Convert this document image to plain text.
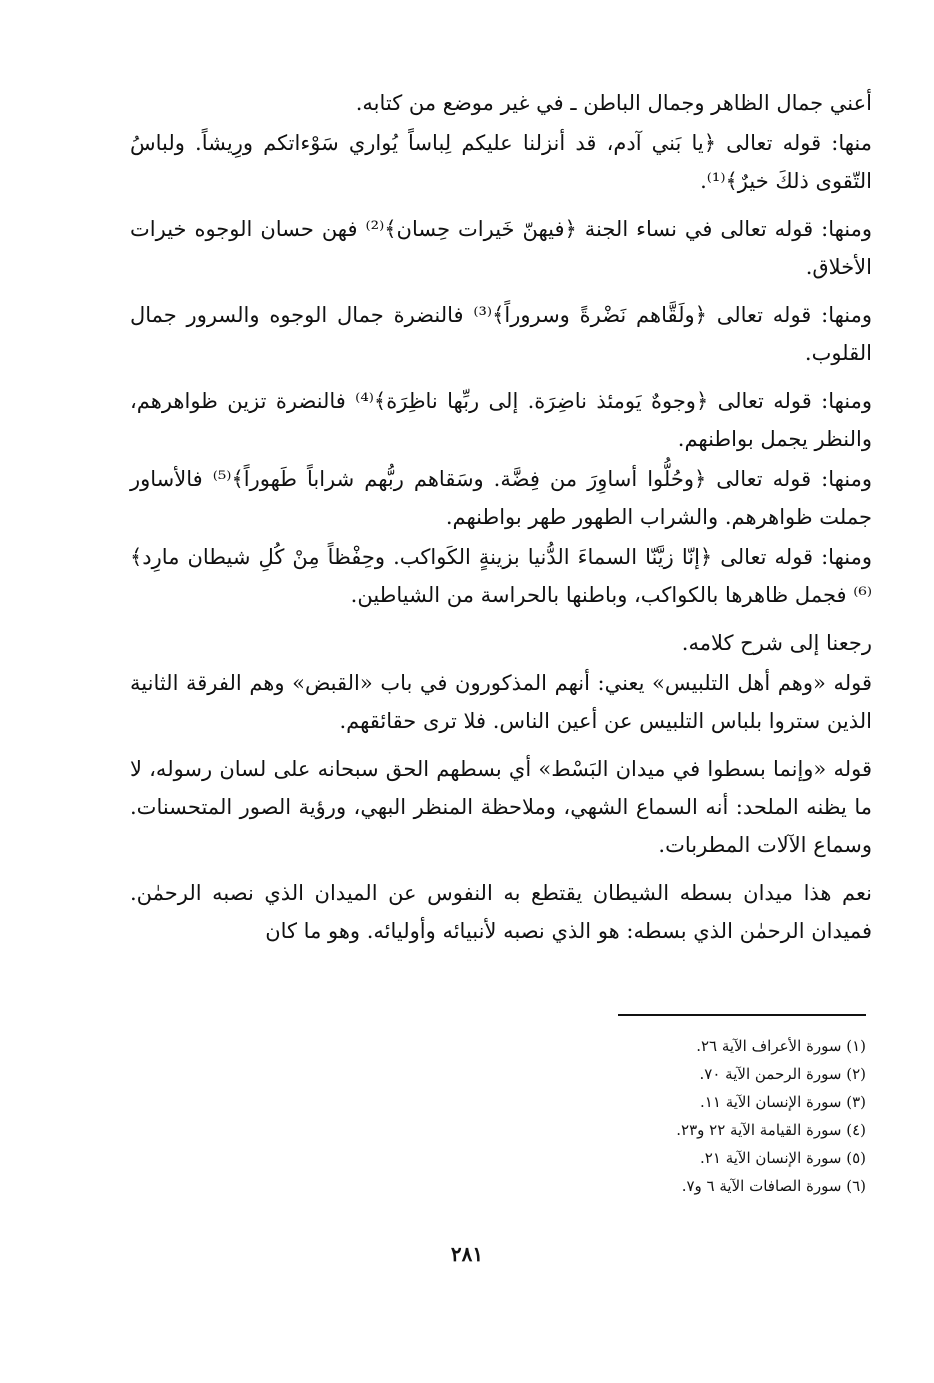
أعني جمال الظاهر وجمال الباطن ـ في غير موضع من كتابه.

منها: قوله تعالى ﴿يا بَني آدم، قد أنزلنا عليكم لِباساً يُواري سَوْءاتكم ورِيشاً. ولباسُ التّقوى ذلكَ خيرٌ﴾⁽¹⁾.

ومنها: قوله تعالى في نساء الجنة ﴿فيهنّ خَيرات حِسان﴾⁽²⁾ فهن حسان الوجوه خيرات الأخلاق.

ومنها: قوله تعالى ﴿ولَقَّاهم نَضْرةً وسروراً﴾⁽³⁾ فالنضرة جمال الوجوه والسرور جمال القلوب.

ومنها: قوله تعالى ﴿وجوهٌ يَومئذ ناضِرَة. إلى ربِّها ناظِرَة﴾⁽⁴⁾ فالنضرة تزين ظواهرهم، والنظر يجمل بواطنهم.

ومنها: قوله تعالى ﴿وحُلُّوا أساوِرَ من فِضَّة. وسَقاهم ربُّهم شراباً طَهوراً﴾⁽⁵⁾ فالأساور جملت ظواهرهم. والشراب الطهور طهر بواطنهم.

ومنها: قوله تعالى ﴿إنّا زيَّنّا السماءَ الدُّنيا بزينةٍ الكَواكب. وحِفْظاً مِنْ كُلِ شيطان مارِد﴾⁽⁶⁾ فجمل ظاهرها بالكواكب، وباطنها بالحراسة من الشياطين.

رجعنا إلى شرح كلامه.

قوله «وهم أهل التلبيس» يعني: أنهم المذكورون في باب «القبض» وهم الفرقة الثانية الذين ستروا بلباس التلبيس عن أعين الناس. فلا ترى حقائقهم.

قوله «وإنما بسطوا في ميدان البَسْط» أي بسطهم الحق سبحانه على لسان رسوله، لا ما يظنه الملحد: أنه السماع الشهي، وملاحظة المنظر البهي، ورؤية الصور المتحسنات. وسماع الآلات المطربات.

نعم هذا ميدان بسطه الشيطان يقتطع به النفوس عن الميدان الذي نصبه الرحمٰن. فميدان الرحمٰن الذي بسطه: هو الذي نصبه لأنبيائه وأوليائه. وهو ما كان

(١) سورة الأعراف الآية ٢٦.
(٢) سورة الرحمن الآية ٧٠.
(٣) سورة الإنسان الآية ١١.
(٤) سورة القيامة الآية ٢٢ و٢٣.
(٥) سورة الإنسان الآية ٢١.
(٦) سورة الصافات الآية ٦ و٧.
٢٨١
